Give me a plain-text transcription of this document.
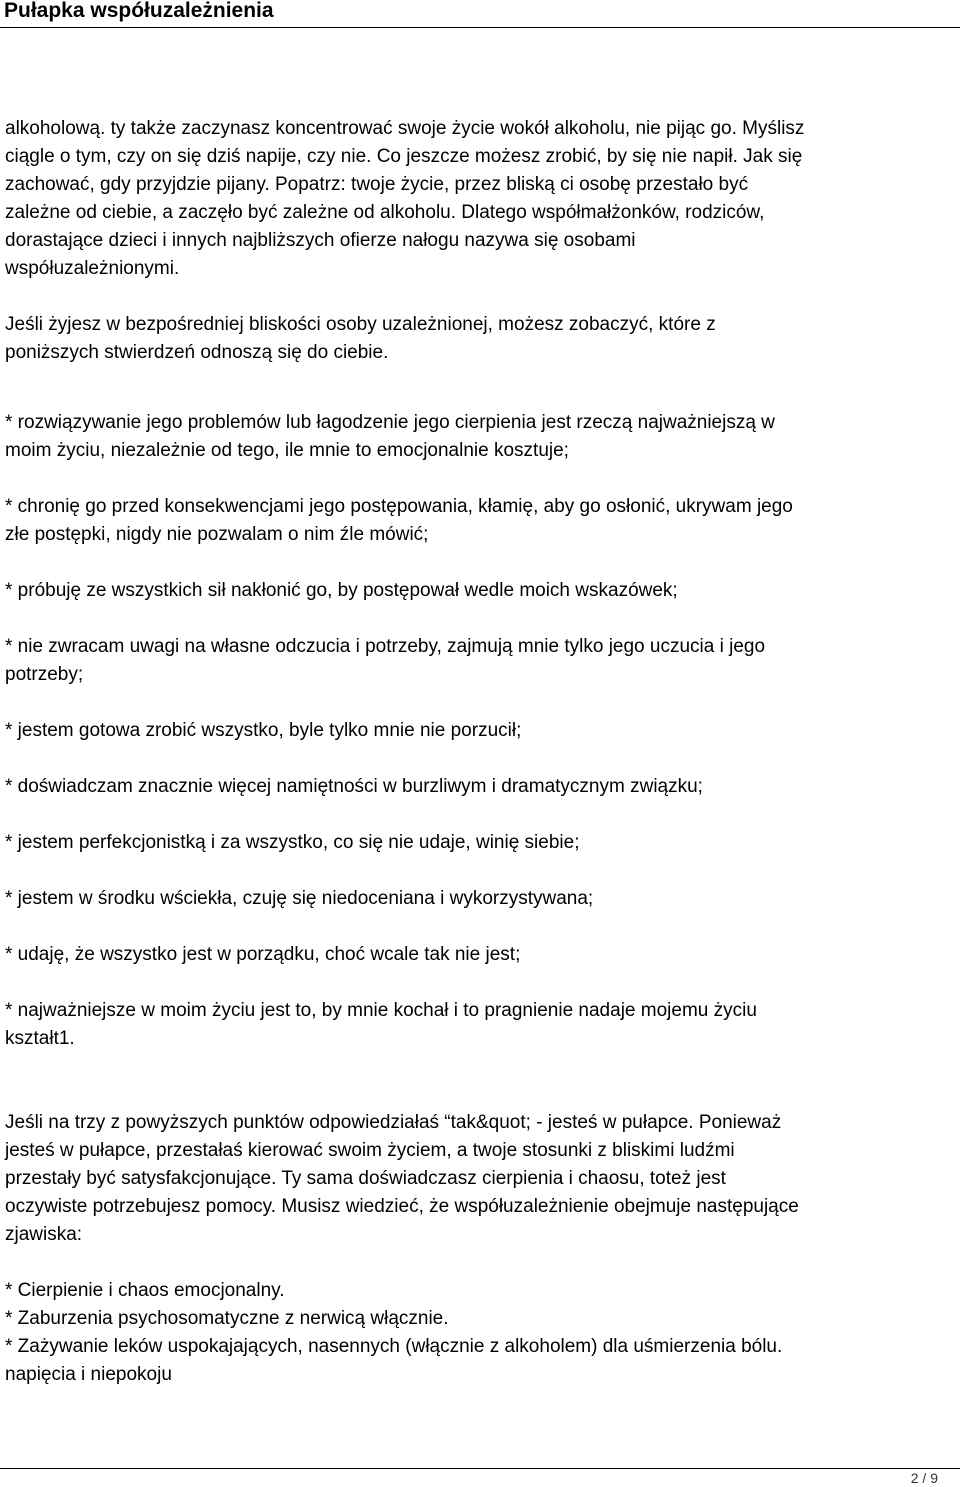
Pułapka współuzależnienia
alkoholową. ty także zaczynasz koncentrować swoje życie wokół alkoholu, nie pijąc go. Myślisz
ciągle o tym, czy on się dziś napije, czy nie. Co jeszcze możesz zrobić, by się nie napił. Jak się
zachować, gdy przyjdzie pijany. Popatrz: twoje życie, przez bliską ci osobę przestało być
zależne od ciebie, a zaczęło być zależne od alkoholu. Dlatego współmałżonków, rodziców,
dorastające dzieci i innych najbliższych ofierze nałogu nazywa się osobami
współuzależnionymi.
Jeśli żyjesz w bezpośredniej bliskości osoby uzależnionej, możesz zobaczyć, które z
poniższych stwierdzeń odnoszą się do ciebie.
* rozwiązywanie jego problemów lub łagodzenie jego cierpienia jest rzeczą najważniejszą w
moim życiu, niezależnie od tego, ile mnie to emocjonalnie kosztuje;
* chronię go przed konsekwencjami jego postępowania, kłamię, aby go osłonić, ukrywam jego
złe postępki, nigdy nie pozwalam o nim źle mówić;
* próbuję ze wszystkich sił nakłonić go, by postępował wedle moich wskazówek;
* nie zwracam uwagi na własne odczucia i potrzeby, zajmują mnie tylko jego uczucia i jego
potrzeby;
* jestem gotowa zrobić wszystko, byle tylko mnie nie porzucił;
* doświadczam znacznie więcej namiętności w burzliwym i dramatycznym związku;
* jestem perfekcjonistką i za wszystko, co się nie udaje, winię siebie;
* jestem w środku wściekła, czuję się niedoceniana i wykorzystywana;
* udaję, że wszystko jest w porządku, choć wcale tak nie jest;
* najważniejsze w moim życiu jest to, by mnie kochał i to pragnienie nadaje mojemu życiu
kształt1.
Jeśli na trzy z powyższych punktów odpowiedziałaś “tak&quot; - jesteś w pułapce. Ponieważ
jesteś w pułapce, przestałaś kierować swoim życiem, a twoje stosunki z bliskimi ludźmi
przestały być satysfakcjonujące. Ty sama doświadczasz cierpienia i chaosu, toteż jest
oczywiste potrzebujesz pomocy. Musisz wiedzieć, że współuzależnienie obejmuje następujące
zjawiska:
* Cierpienie i chaos emocjonalny.
* Zaburzenia psychosomatyczne z nerwicą włącznie.
* Zażywanie leków uspokajających, nasennych (włącznie z alkoholem) dla uśmierzenia bólu.
napięcia i niepokoju
2 / 9
